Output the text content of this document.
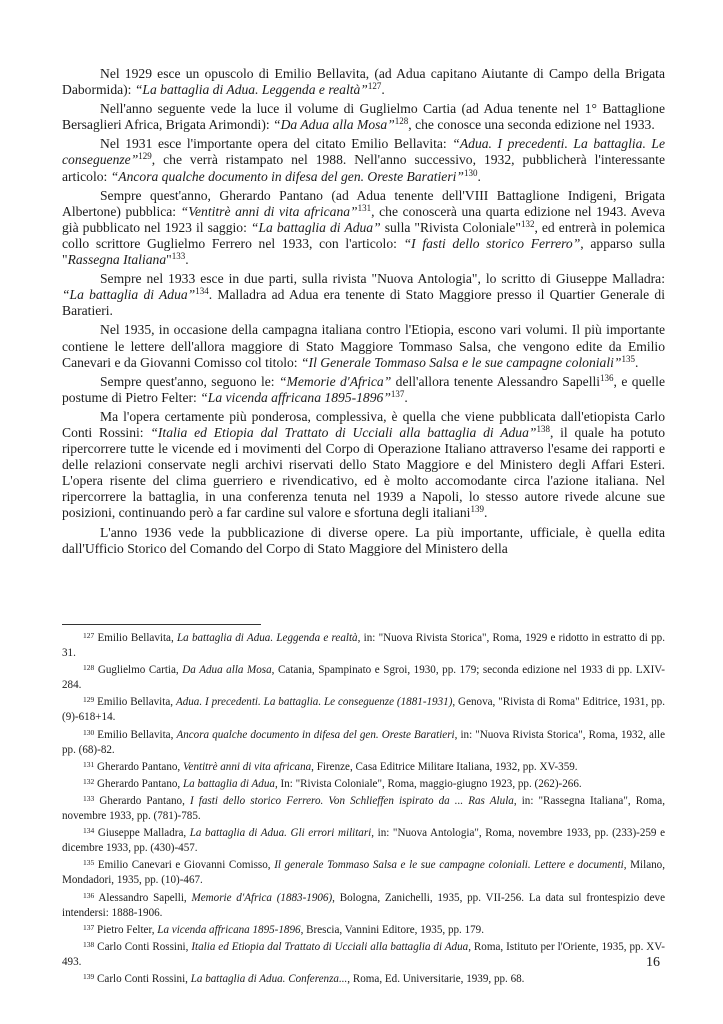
Nel 1929 esce un opuscolo di Emilio Bellavita, (ad Adua capitano Aiutante di Campo della Brigata Dabormida): “La battaglia di Adua. Leggenda e realtà”$^{127}$.

Nell'anno seguente vede la luce il volume di Guglielmo Cartia (ad Adua tenente nel 1° Battaglione Bersaglieri Africa, Brigata Arimondi): “Da Adua alla Mosa”$^{128}$, che conosce una seconda edizione nel 1933.

Nel 1931 esce l'importante opera del citato Emilio Bellavita: “Adua. I precedenti. La battaglia. Le conseguenze”$^{129}$, che verrà ristampato nel 1988. Nell'anno successivo, 1932, pubblicherà l'interessante articolo: “Ancora qualche documento in difesa del gen. Oreste Baratieri”$^{130}$.

Sempre quest'anno, Gherardo Pantano (ad Adua tenente dell'VIII Battaglione Indigeni, Brigata Albertone) pubblica: “Ventitrè anni di vita africana”$^{131}$, che conoscerà una quarta edizione nel 1943. Aveva già pubblicato nel 1923 il saggio: “La battaglia di Adua” sulla "Rivista Coloniale"$^{132}$, ed entrerà in polemica collo scrittore Guglielmo Ferrero nel 1933, con l'articolo: “I fasti dello storico Ferrero”, apparso sulla "Rassegna Italiana"$^{133}$.

Sempre nel 1933 esce in due parti, sulla rivista "Nuova Antologia", lo scritto di Giuseppe Malladra: “La battaglia di Adua”$^{134}$. Malladra ad Adua era tenente di Stato Maggiore presso il Quartier Generale di Baratieri.

Nel 1935, in occasione della campagna italiana contro l'Etiopia, escono vari volumi. Il più importante contiene le lettere dell'allora maggiore di Stato Maggiore Tommaso Salsa, che vengono edite da Emilio Canevari e da Giovanni Comisso col titolo: “Il Generale Tommaso Salsa e le sue campagne coloniali”$^{135}$.

Sempre quest'anno, seguono le: “Memorie d'Africa” dell'allora tenente Alessandro Sapelli$^{136}$, e quelle postume di Pietro Felter: “La vicenda affricana 1895-1896”$^{137}$.

Ma l'opera certamente più ponderosa, complessiva, è quella che viene pubblicata dall'etiopista Carlo Conti Rossini: “Italia ed Etiopia dal Trattato di Ucciali alla battaglia di Adua”$^{138}$, il quale ha potuto ripercorrere tutte le vicende ed i movimenti del Corpo di Operazione Italiano attraverso l'esame dei rapporti e delle relazioni conservate negli archivi riservati dello Stato Maggiore e del Ministero degli Affari Esteri. L'opera risente del clima guerriero e rivendicativo, ed è molto accomodante circa l'azione italiana. Nel ripercorrere la battaglia, in una conferenza tenuta nel 1939 a Napoli, lo stesso autore rivede alcune sue posizioni, continuando però a far cardine sul valore e sfortuna degli italiani$^{139}$.

L'anno 1936 vede la pubblicazione di diverse opere. La più importante, ufficiale, è quella edita dall'Ufficio Storico del Comando del Corpo di Stato Maggiore del Ministero della

$^{127}$ Emilio Bellavita, La battaglia di Adua. Leggenda e realtà, in: "Nuova Rivista Storica", Roma, 1929 e ridotto in estratto di pp. 31.

$^{128}$ Guglielmo Cartia, Da Adua alla Mosa, Catania, Spampinato e Sgroi, 1930, pp. 179; seconda edizione nel 1933 di pp. LXIV-284.

$^{129}$ Emilio Bellavita, Adua. I precedenti. La battaglia. Le conseguenze (1881-1931), Genova, "Rivista di Roma" Editrice, 1931, pp. (9)-618+14.

$^{130}$ Emilio Bellavita, Ancora qualche documento in difesa del gen. Oreste Baratieri, in: "Nuova Rivista Storica", Roma, 1932, alle pp. (68)-82.

$^{131}$ Gherardo Pantano, Ventitrè anni di vita africana, Firenze, Casa Editrice Militare Italiana, 1932, pp. XV-359.

$^{132}$ Gherardo Pantano, La battaglia di Adua, In: "Rivista Coloniale", Roma, maggio-giugno 1923, pp. (262)-266.

$^{133}$ Gherardo Pantano, I fasti dello storico Ferrero. Von Schlieffen ispirato da ... Ras Alula, in: "Rassegna Italiana", Roma, novembre 1933, pp. (781)-785.

$^{134}$ Giuseppe Malladra, La battaglia di Adua. Gli errori militari, in: "Nuova Antologia", Roma, novembre 1933, pp. (233)-259 e dicembre 1933, pp. (430)-457.

$^{135}$ Emilio Canevari e Giovanni Comisso, Il generale Tommaso Salsa e le sue campagne coloniali. Lettere e documenti, Milano, Mondadori, 1935, pp. (10)-467.

$^{136}$ Alessandro Sapelli, Memorie d'Africa (1883-1906), Bologna, Zanichelli, 1935, pp. VII-256. La data sul frontespizio deve intendersi: 1888-1906.

$^{137}$ Pietro Felter, La vicenda affricana 1895-1896, Brescia, Vannini Editore, 1935, pp. 179.

$^{138}$ Carlo Conti Rossini, Italia ed Etiopia dal Trattato di Ucciali alla battaglia di Adua, Roma, Istituto per l'Oriente, 1935, pp. XV-493.

$^{139}$ Carlo Conti Rossini, La battaglia di Adua. Conferenza..., Roma, Ed. Universitarie, 1939, pp. 68.

16
